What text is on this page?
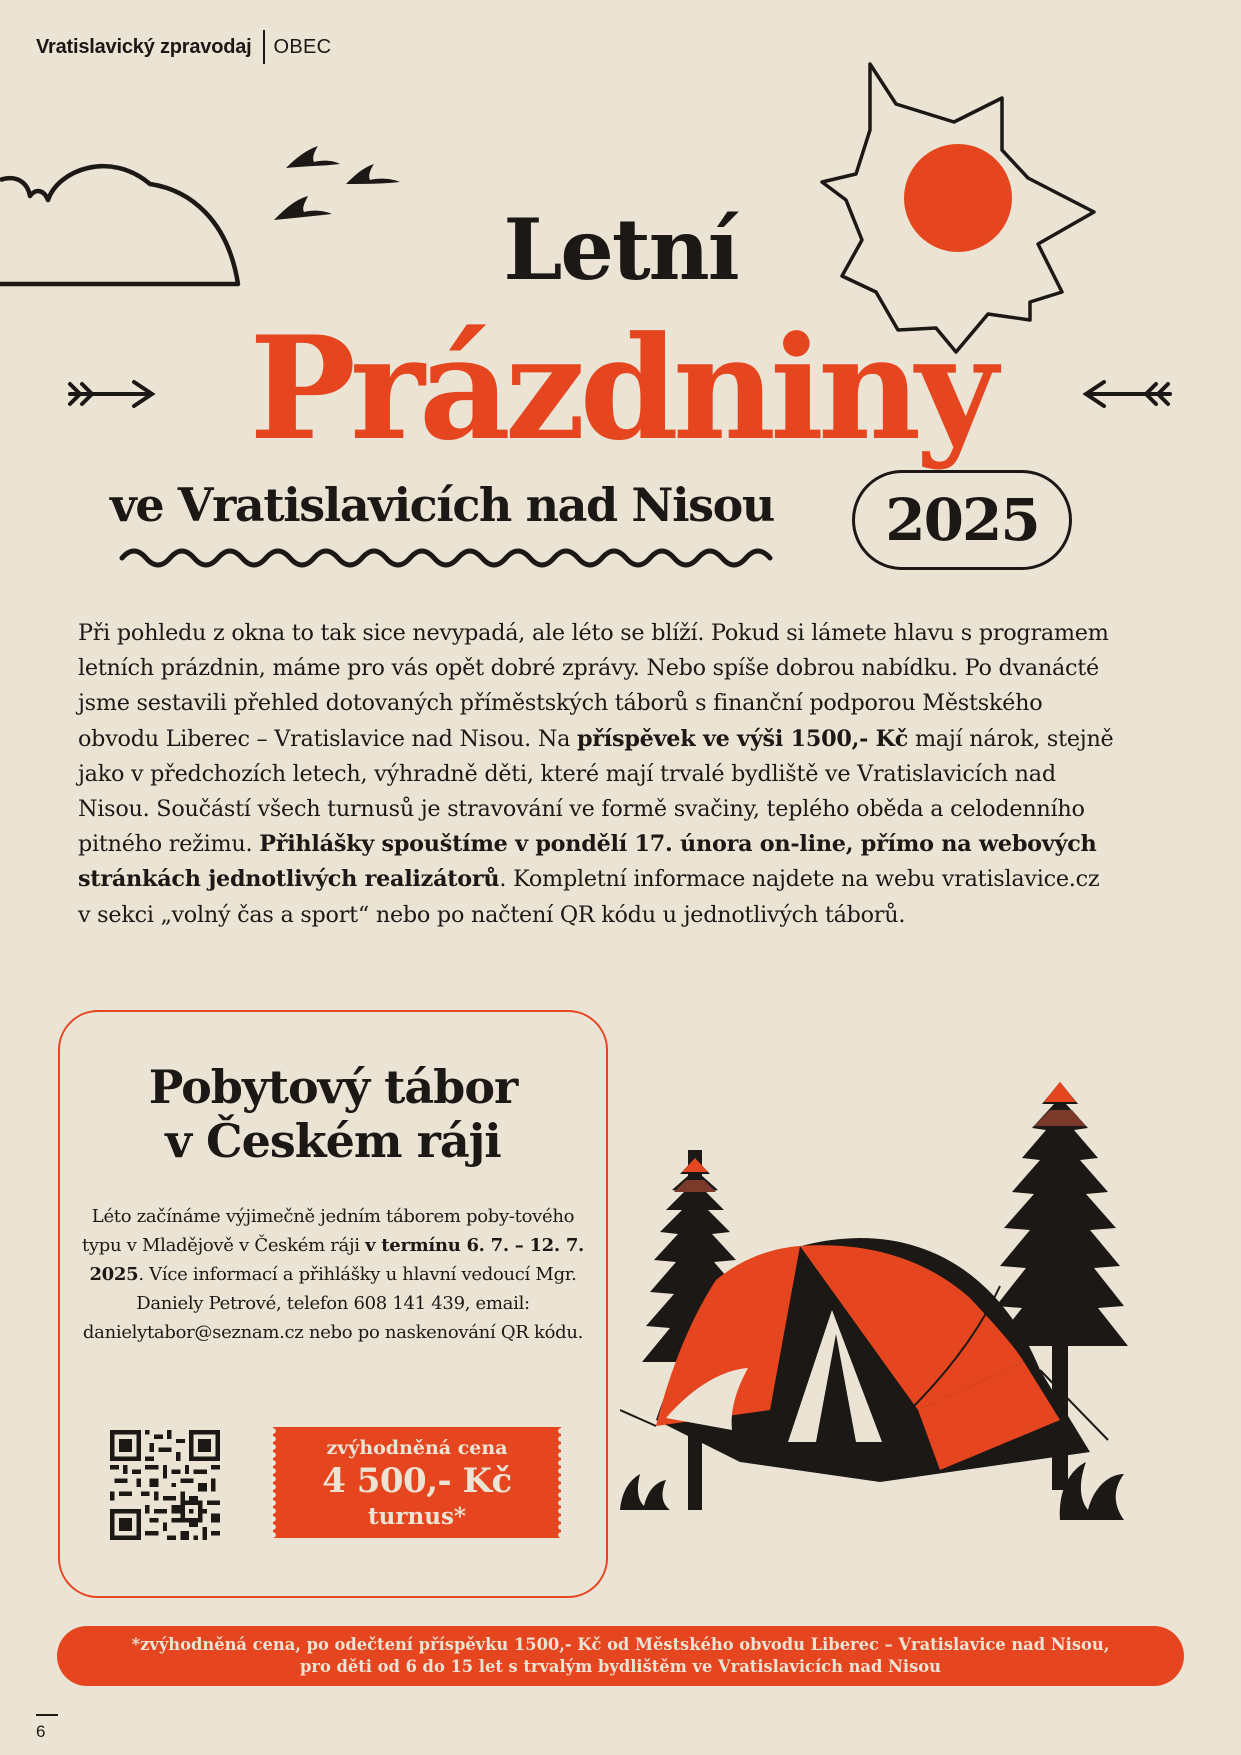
Vratislavický zpravodaj OBEC
Letní
Prázdniny
ve Vratislavicích nad Nisou	2025
Při pohledu z okna to tak sice nevypadá, ale léto se blíží. Pokud si lámete hlavu s programem letních prázdnin, máme pro vás opět dobré zprávy. Nebo spíše dobrou nabídku. Po dvanácté jsme sestavili přehled dotovaných příměstských táborů s finanční podporou Městského obvodu Liberec – Vratislavice nad Nisou. Na příspěvek ve výši 1500,- Kč mají nárok, stejně jako v předchozích letech, výhradně děti, které mají trvalé bydliště ve Vratislavicích nad Nisou. Součástí všech turnusů je stravování ve formě svačiny, teplého oběda a celodenního pitného režimu. Přihlášky spouštíme v pondělí 17. února on-line, přímo na webových stránkách jednotlivých realizátorů. Kompletní informace najdete na webu vratislavice.cz v sekci „volný čas a sport“ nebo po načtení QR kódu u jednotlivých táborů.
Pobytový tábor
v Českém ráji
Léto začínáme výjimečně jedním táborem poby-tového typu v Mladějově v Českém ráji v termínu 6. 7. – 12. 7. 2025. Více informací a přihlášky u hlavní vedoucí Mgr. Daniely Petrové, telefon 608 141 439, email: danielytabor@seznam.cz nebo po naskenování QR kódu.
zvýhodněná cena
4 500,- Kč
turnus*
*zvýhodněná cena, po odečtení příspěvku 1500,- Kč od Městského obvodu Liberec – Vratislavice nad Nisou,
pro děti od 6 do 15 let s trvalým bydlištěm ve Vratislavicích nad Nisou
6
